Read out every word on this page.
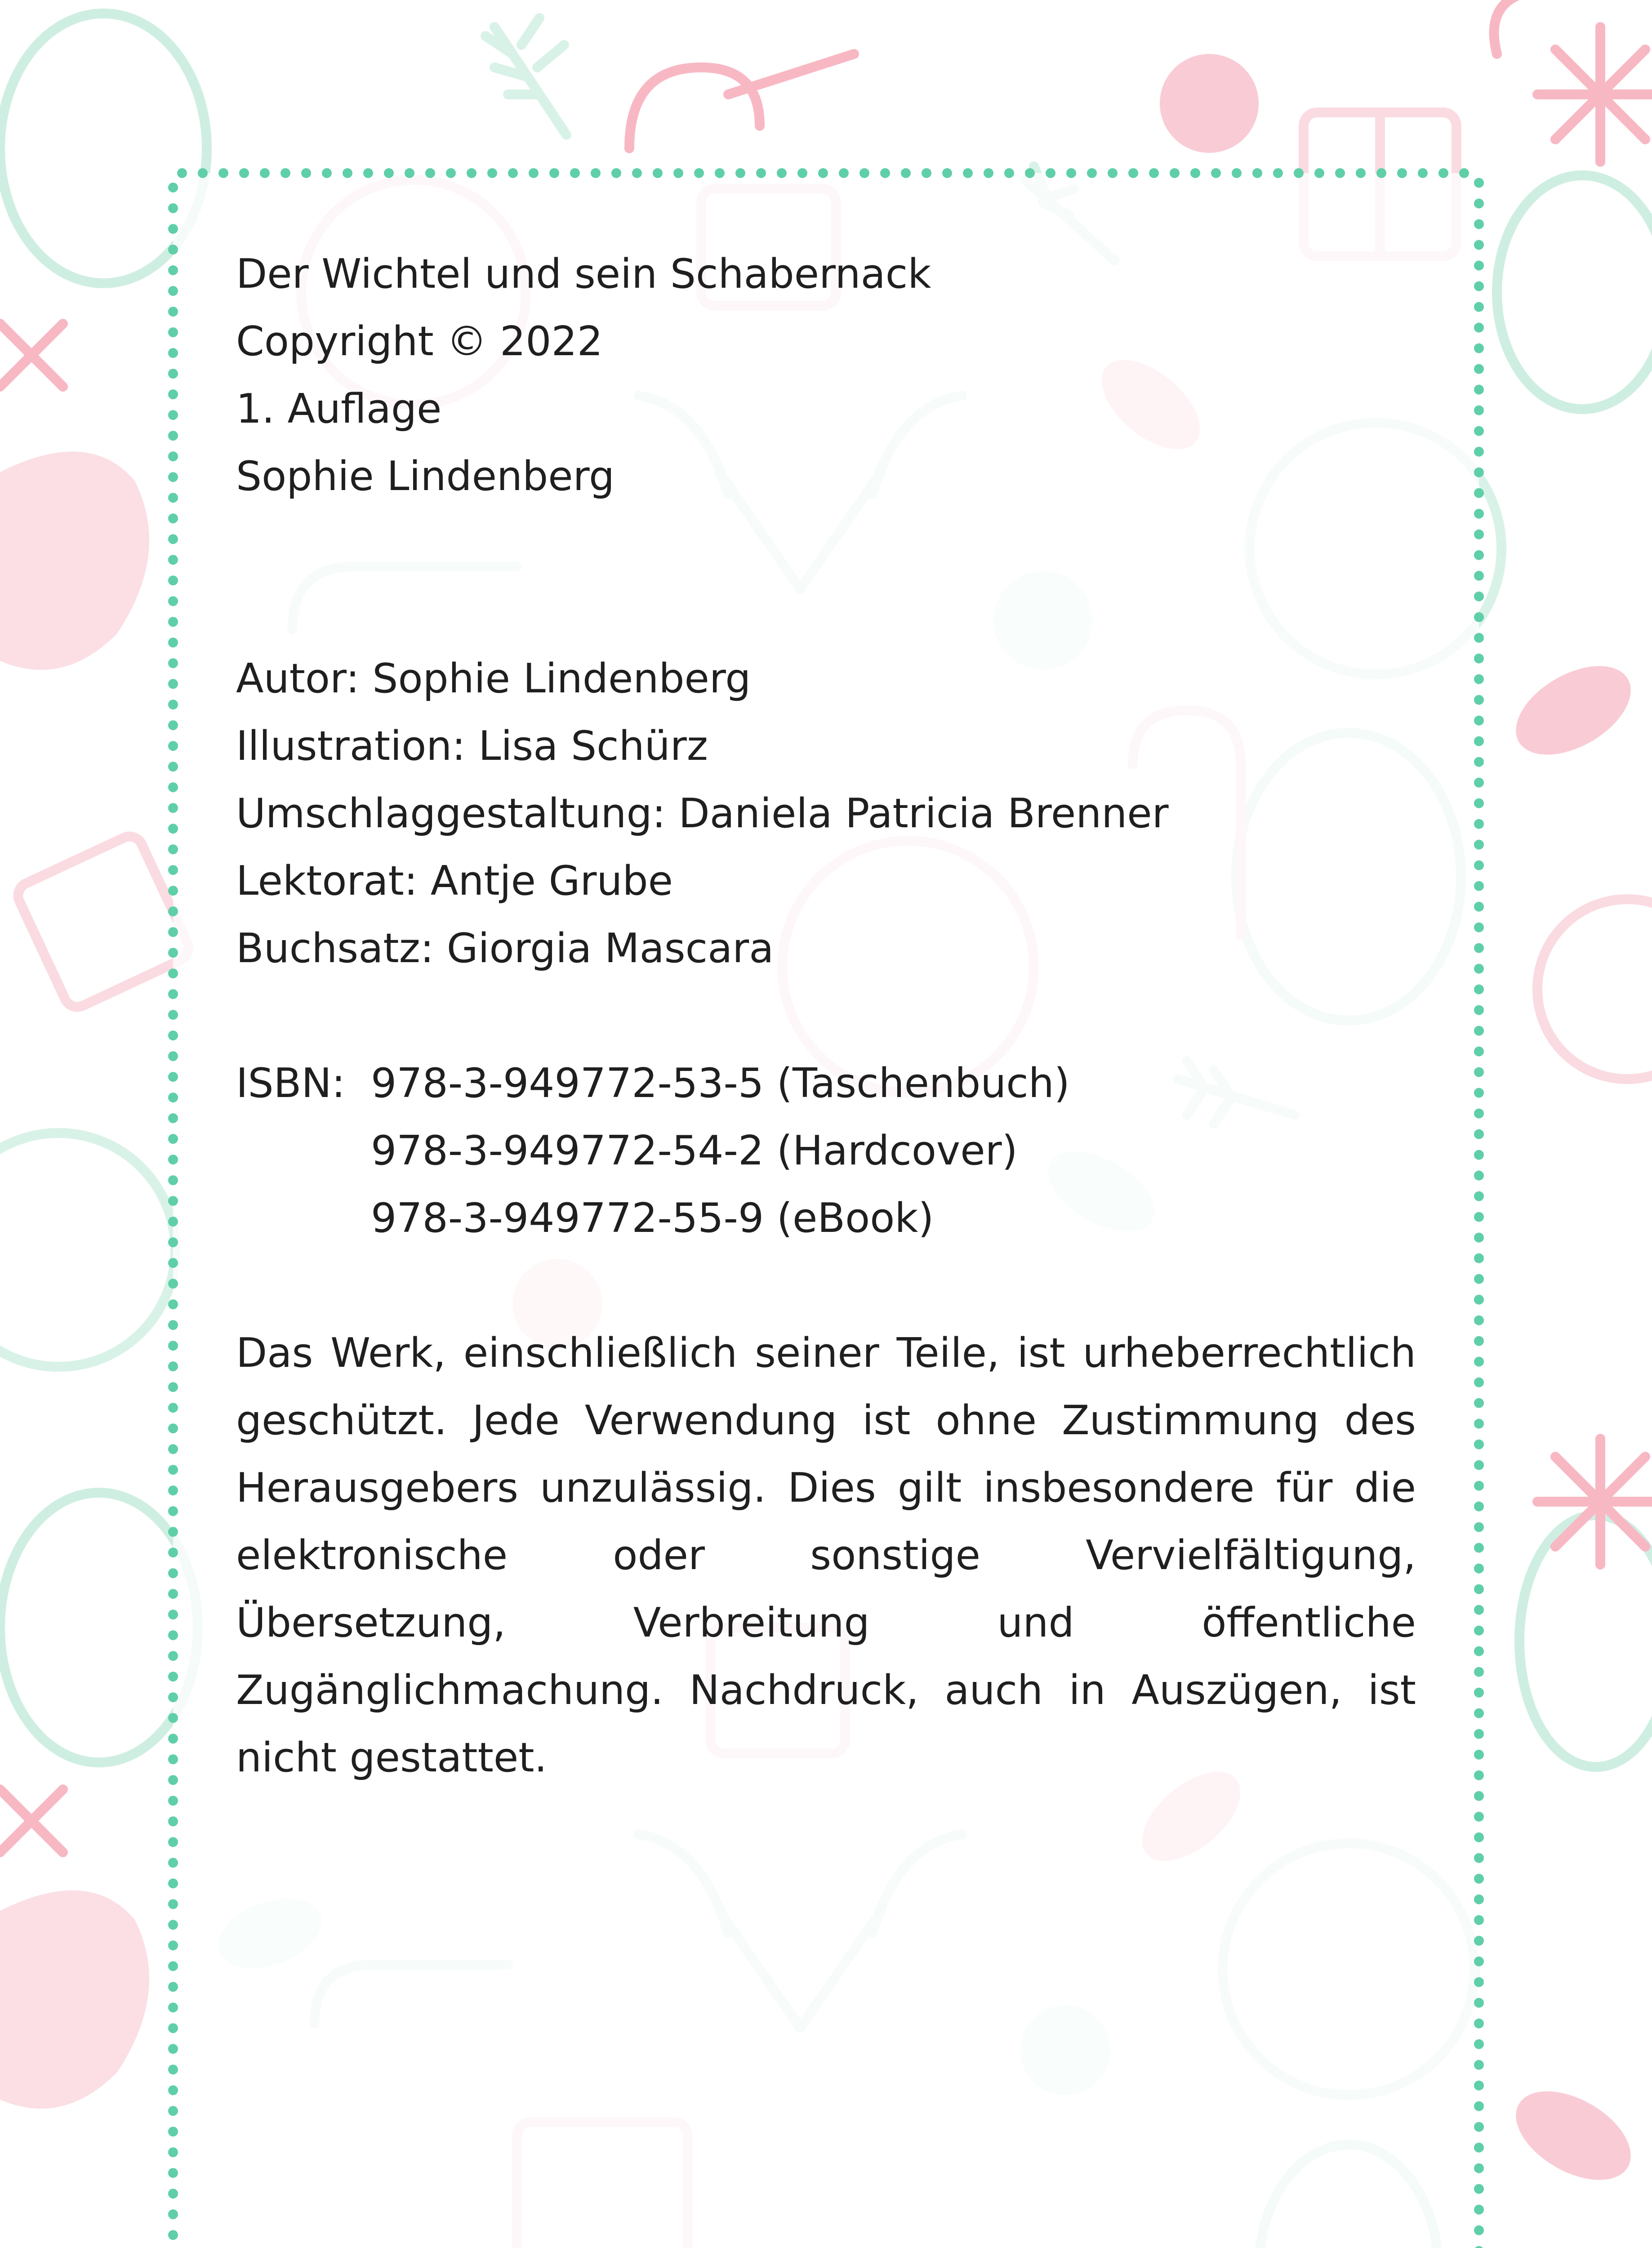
Der Wichtel und sein Schabernack
Copyright © 2022
1. Auflage
Sophie Lindenberg
Autor: Sophie Lindenberg
Illustration: Lisa Schürz
Umschlaggestaltung: Daniela Patricia Brenner
Lektorat: Antje Grube
Buchsatz: Giorgia Mascara
ISBN: 978-3-949772-53-5 (Taschenbuch)
978-3-949772-54-2 (Hardcover)
978-3-949772-55-9 (eBook)
Das Werk, einschließlich seiner Teile, ist urheberrechtlich geschützt. Jede Verwendung ist ohne Zustimmung des Herausgebers unzulässig. Dies gilt insbesondere für die elektronische oder sonstige Vervielfältigung, Übersetzung, Verbreitung und öffentliche Zugänglichmachung. Nachdruck, auch in Auszügen, ist nicht gestattet.
